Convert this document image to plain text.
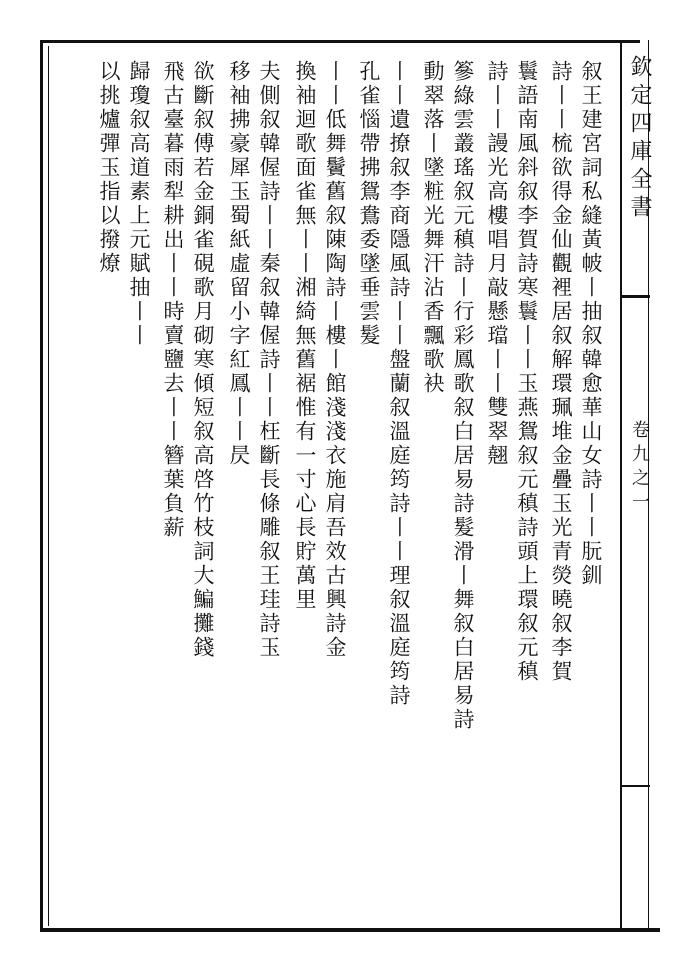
欽定四庫全書
卷九之一
叙王建宮詞私縫黃帔丨抽叙韓愈華山女詩丨丨朊釧
詩丨丨梳欲得金仙觀裡居叙解環珮堆金疊玉光青熒曉叙李賀
鬟語南風斜叙李賀詩寒鬟丨丨玉燕鴛叙元稹詩頭上環叙元稹
詩丨丨謾光高樓唱月敲懸璫丨丨雙翠翹
篸綠雲叢瑤叙元稹詩丨行彩鳳歌叙白居易詩髮滑丨舞叙白居易詩
動翠落丨墜粧光舞汗沾香飄歌袂
丨丨遺撩叙李商隱風詩丨丨盤蘭叙溫庭筠詩丨丨理叙溫庭筠詩
孔雀惱帶拂鴛鴦委墜垂雲髮
丨丨低舞鬢舊叙陳陶詩丨樓丨館淺淺衣施肩吾效古興詩金
換袖迴歌面雀無丨丨湘綺無舊裾惟有一寸心長貯萬里
夫側叙韓偓詩丨丨秦叙韓偓詩丨丨枉斷長條雕叙王珪詩玉
移袖拂豪犀玉蜀紙虛留小字紅鳳丨丨昃
欲斷叙傅若金銅雀硯歌月砌寒傾短叙高啓竹枝詞大鯿攤錢
飛古臺暮雨犁耕出丨丨時賣鹽去丨丨簪葉負薪
歸瓊叙高道素上元賦抽丨丨
以挑爐彈玉指以撥燎
